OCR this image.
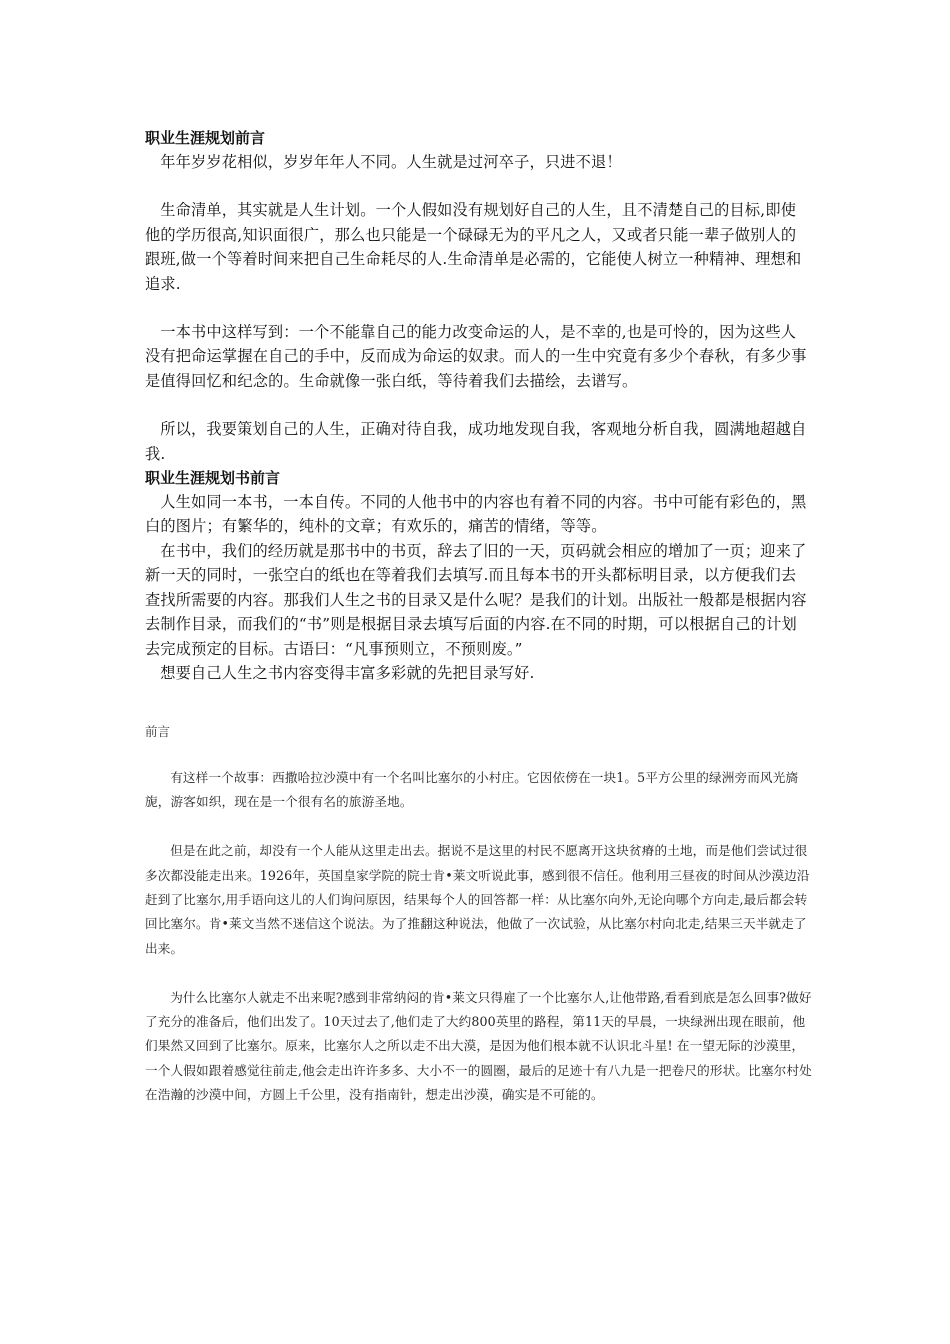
职业生涯规划前言

年年岁岁花相似，岁岁年年人不同。人生就是过河卒子，只进不退！

生命清单，其实就是人生计划。一个人假如没有规划好自己的人生，且不清楚自己的目标,即使他的学历很高,知识面很广，那么也只能是一个碌碌无为的平凡之人，又或者只能一辈子做别人的跟班,做一个等着时间来把自己生命耗尽的人.生命清单是必需的，它能使人树立一种精神、理想和追求.

一本书中这样写到：一个不能靠自己的能力改变命运的人，是不幸的,也是可怜的，因为这些人没有把命运掌握在自己的手中，反而成为命运的奴隶。而人的一生中究竟有多少个春秋，有多少事是值得回忆和纪念的。生命就像一张白纸，等待着我们去描绘，去谱写。

所以，我要策划自己的人生，正确对待自我，成功地发现自我，客观地分析自我，圆满地超越自我.

职业生涯规划书前言

人生如同一本书，一本自传。不同的人他书中的内容也有着不同的内容。书中可能有彩色的，黑白的图片；有繁华的，纯朴的文章；有欢乐的，痛苦的情绪，等等。

在书中，我们的经历就是那书中的书页，辞去了旧的一天，页码就会相应的增加了一页；迎来了新一天的同时，一张空白的纸也在等着我们去填写.而且每本书的开头都标明目录，以方便我们去查找所需要的内容。那我们人生之书的目录又是什么呢？是我们的计划。出版社一般都是根据内容去制作目录，而我们的“书”则是根据目录去填写后面的内容.在不同的时期，可以根据自己的计划去完成预定的目标。古语曰：“凡事预则立，不预则废。”

想要自己人生之书内容变得丰富多彩就的先把目录写好.

前言

有这样一个故事：西撒哈拉沙漠中有一个名叫比塞尔的小村庄。它因依傍在一块1。5平方公里的绿洲旁而风光旖旎，游客如织，现在是一个很有名的旅游圣地。

但是在此之前，却没有一个人能从这里走出去。据说不是这里的村民不愿离开这块贫瘠的土地，而是他们尝试过很多次都没能走出来。1926年，英国皇家学院的院士肯•莱文听说此事，感到很不信任。他利用三昼夜的时间从沙漠边沿赶到了比塞尔,用手语向这儿的人们询问原因，结果每个人的回答都一样：从比塞尔向外,无论向哪个方向走,最后都会转回比塞尔。肯•莱文当然不迷信这个说法。为了推翻这种说法，他做了一次试验，从比塞尔村向北走,结果三天半就走了出来。

为什么比塞尔人就走不出来呢?感到非常纳闷的肯•莱文只得雇了一个比塞尔人,让他带路,看看到底是怎么回事?做好了充分的准备后，他们出发了。10天过去了,他们走了大约800英里的路程，第11天的早晨，一块绿洲出现在眼前，他们果然又回到了比塞尔。原来，比塞尔人之所以走不出大漠，是因为他们根本就不认识北斗星! 在一望无际的沙漠里，一个人假如跟着感觉往前走,他会走出许许多多、大小不一的圆圈，最后的足迹十有八九是一把卷尺的形状。比塞尔村处在浩瀚的沙漠中间，方圆上千公里，没有指南针，想走出沙漠，确实是不可能的。
